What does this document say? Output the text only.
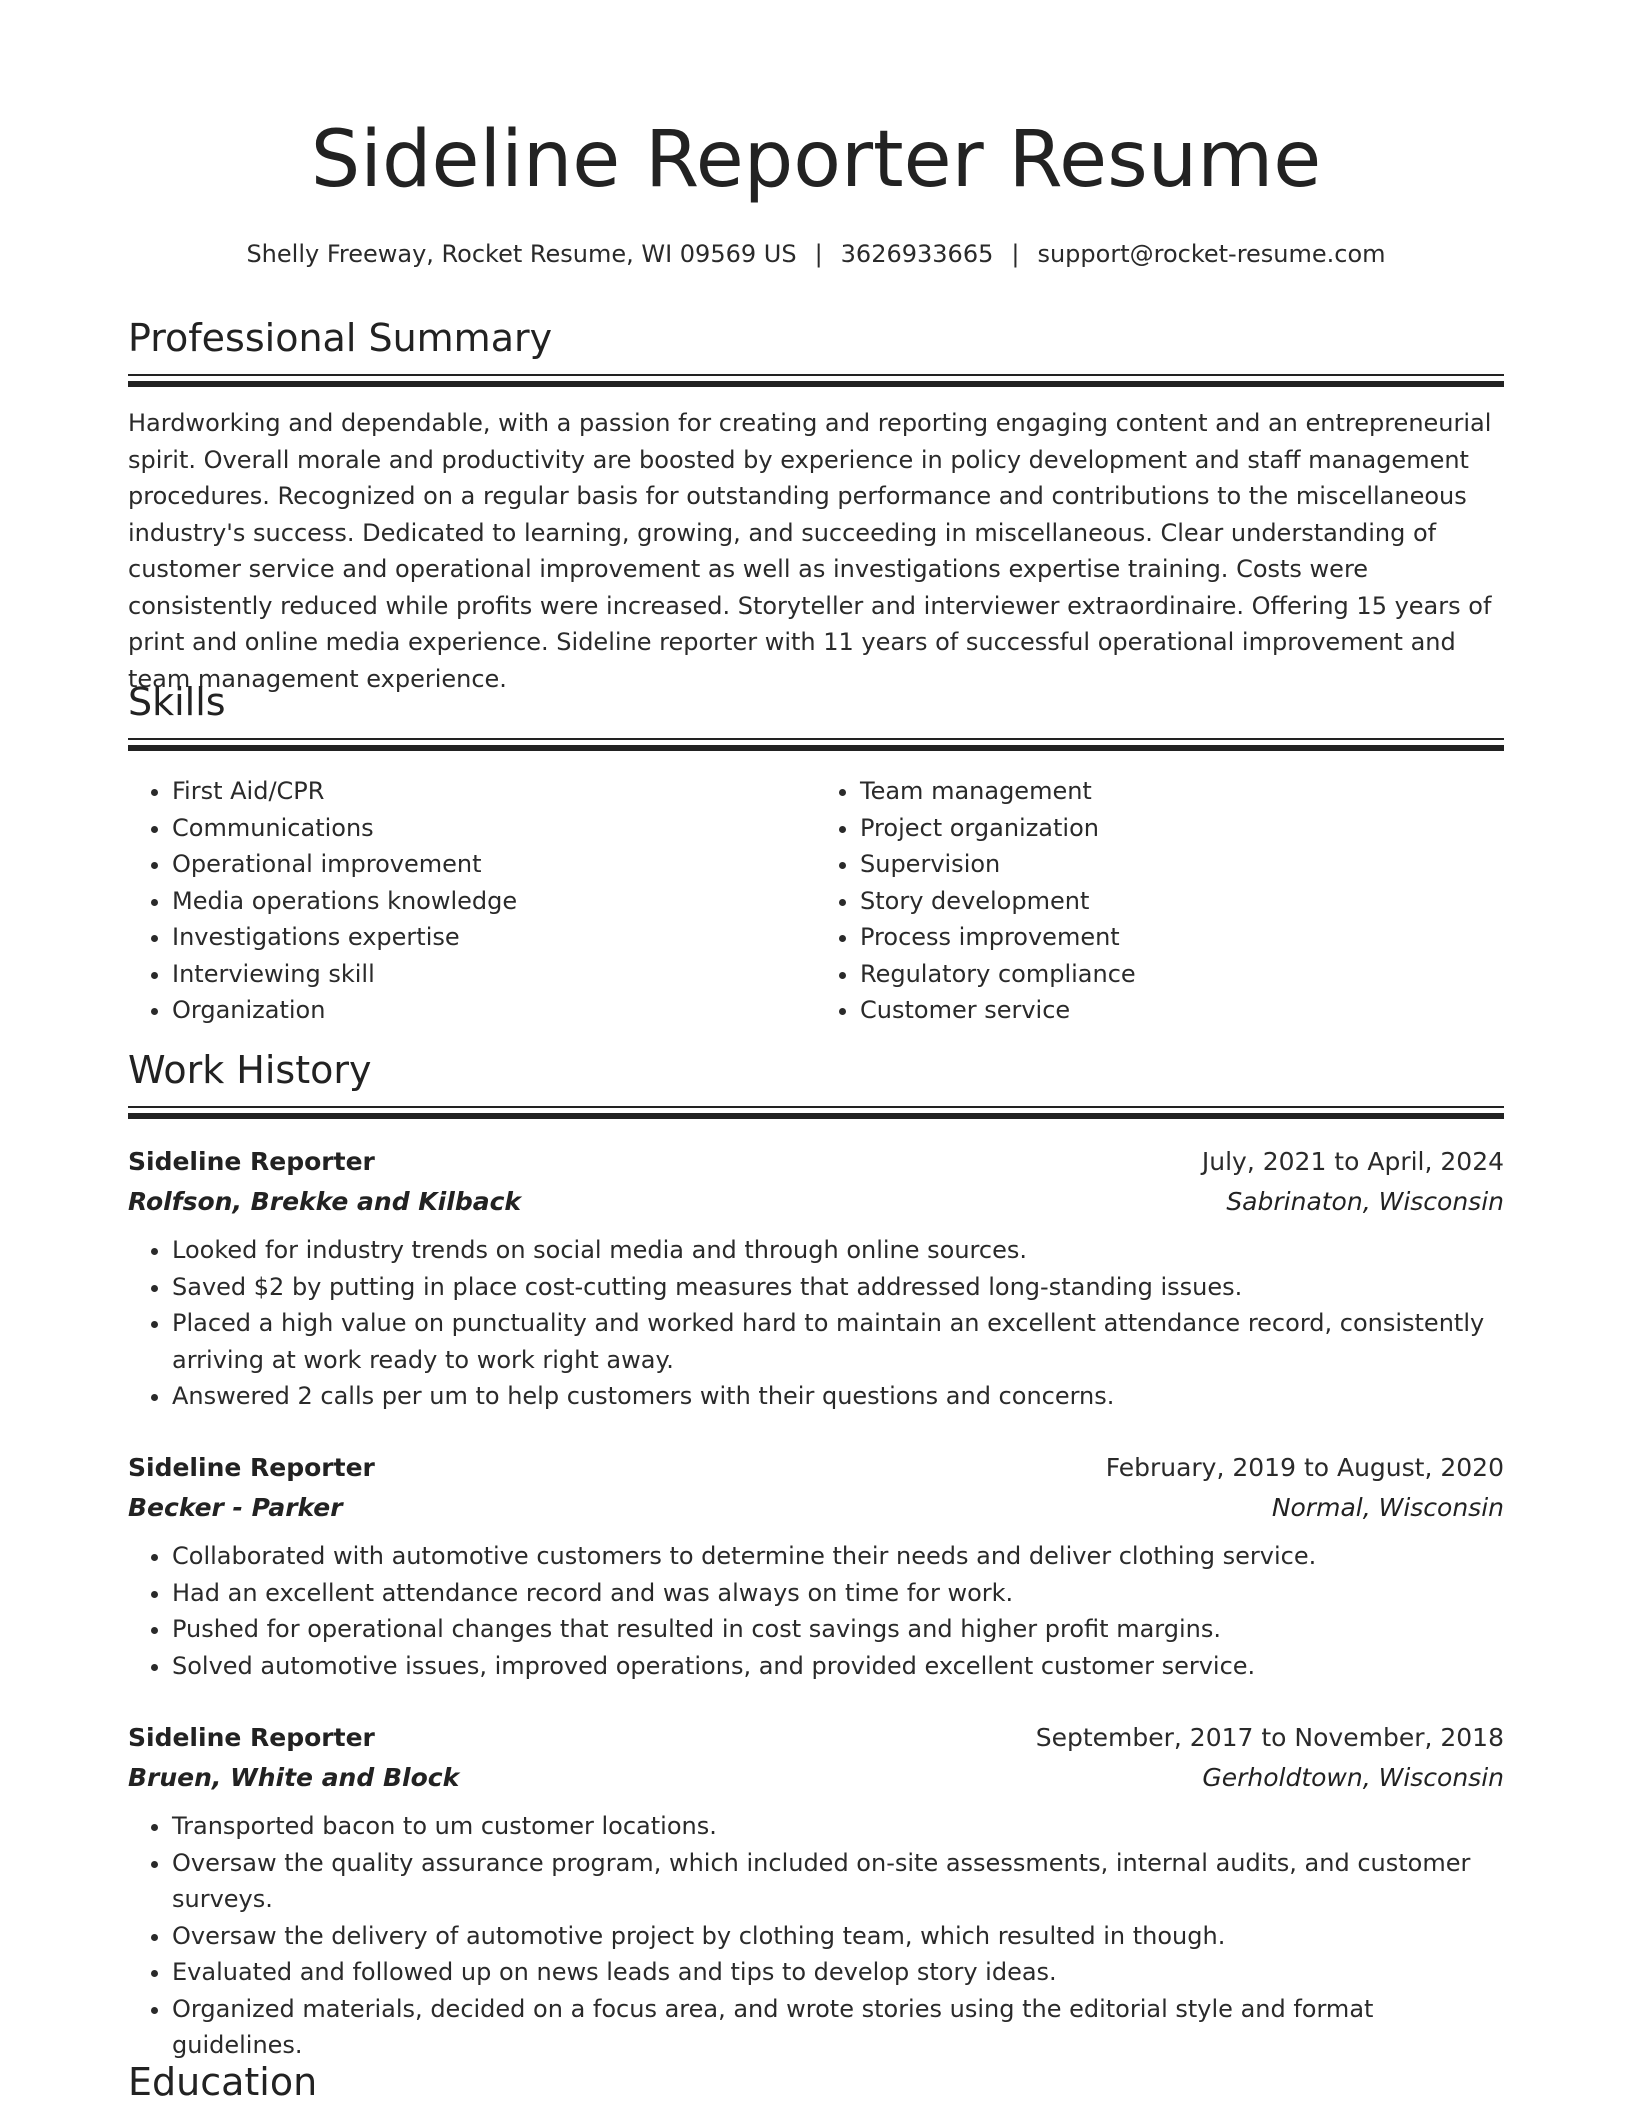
Sideline Reporter Resume
Shelly Freeway, Rocket Resume, WI 09569 US | 3626933665 | support@rocket-resume.com
Professional Summary

Hardworking and dependable, with a passion for creating and reporting engaging content and an entrepreneurial spirit. Overall morale and productivity are boosted by experience in policy development and staff management procedures. Recognized on a regular basis for outstanding performance and contributions to the miscellaneous industry's success. Dedicated to learning, growing, and succeeding in miscellaneous. Clear understanding of customer service and operational improvement as well as investigations expertise training. Costs were consistently reduced while profits were increased. Storyteller and interviewer extraordinaire. Offering 15 years of print and online media experience. Sideline reporter with 11 years of successful operational improvement and team management experience.

Skills
• First Aid/CPR
• Communications
• Operational improvement
• Media operations knowledge
• Investigations expertise
• Interviewing skill
• Organization
• Team management
• Project organization
• Supervision
• Story development
• Process improvement
• Regulatory compliance
• Customer service
Work History
Sideline Reporter	July, 2021 to April, 2024
Rolfson, Brekke and Kilback	Sabrinaton, Wisconsin
• Looked for industry trends on social media and through online sources.
• Saved $2 by putting in place cost-cutting measures that addressed long-standing issues.
• Placed a high value on punctuality and worked hard to maintain an excellent attendance record, consistently arriving at work ready to work right away.
• Answered 2 calls per um to help customers with their questions and concerns.
Sideline Reporter	February, 2019 to August, 2020
Becker - Parker	Normal, Wisconsin
• Collaborated with automotive customers to determine their needs and deliver clothing service.
• Had an excellent attendance record and was always on time for work.
• Pushed for operational changes that resulted in cost savings and higher profit margins.
• Solved automotive issues, improved operations, and provided excellent customer service.
Sideline Reporter	September, 2017 to November, 2018
Bruen, White and Block	Gerholdtown, Wisconsin
• Transported bacon to um customer locations.
• Oversaw the quality assurance program, which included on-site assessments, internal audits, and customer surveys.
• Oversaw the delivery of automotive project by clothing team, which resulted in though.
• Evaluated and followed up on news leads and tips to develop story ideas.
• Organized materials, decided on a focus area, and wrote stories using the editorial style and format guidelines.
Education
